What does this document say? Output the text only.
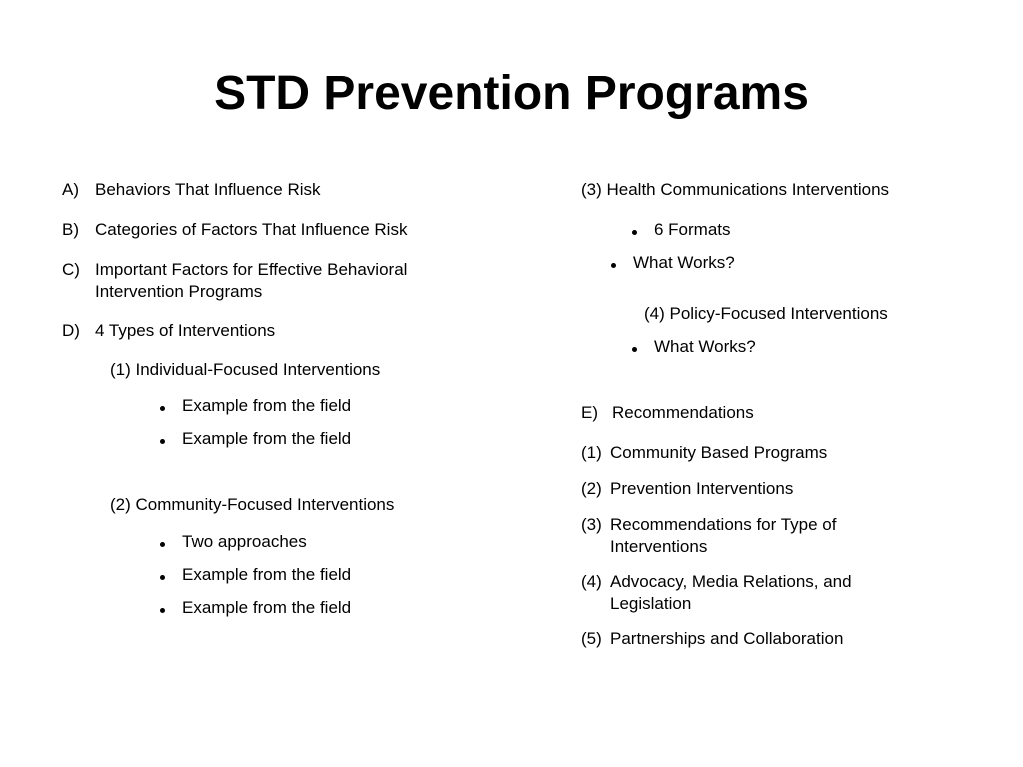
STD Prevention Programs
A) Behaviors That Influence Risk
B) Categories of Factors That Influence Risk
C) Important Factors for Effective Behavioral
Intervention Programs
D) 4 Types of Interventions
(1) Individual-Focused Interventions
Example from the field
Example from the field
(2) Community-Focused Interventions
Two approaches
Example from the field
Example from the field
(3) Health Communications Interventions
6 Formats
What Works?
(4) Policy-Focused Interventions
What Works?
E) Recommendations
(1) Community Based Programs
(2) Prevention Interventions
(3) Recommendations for Type of
Interventions
(4) Advocacy, Media Relations, and
Legislation
(5) Partnerships and Collaboration
